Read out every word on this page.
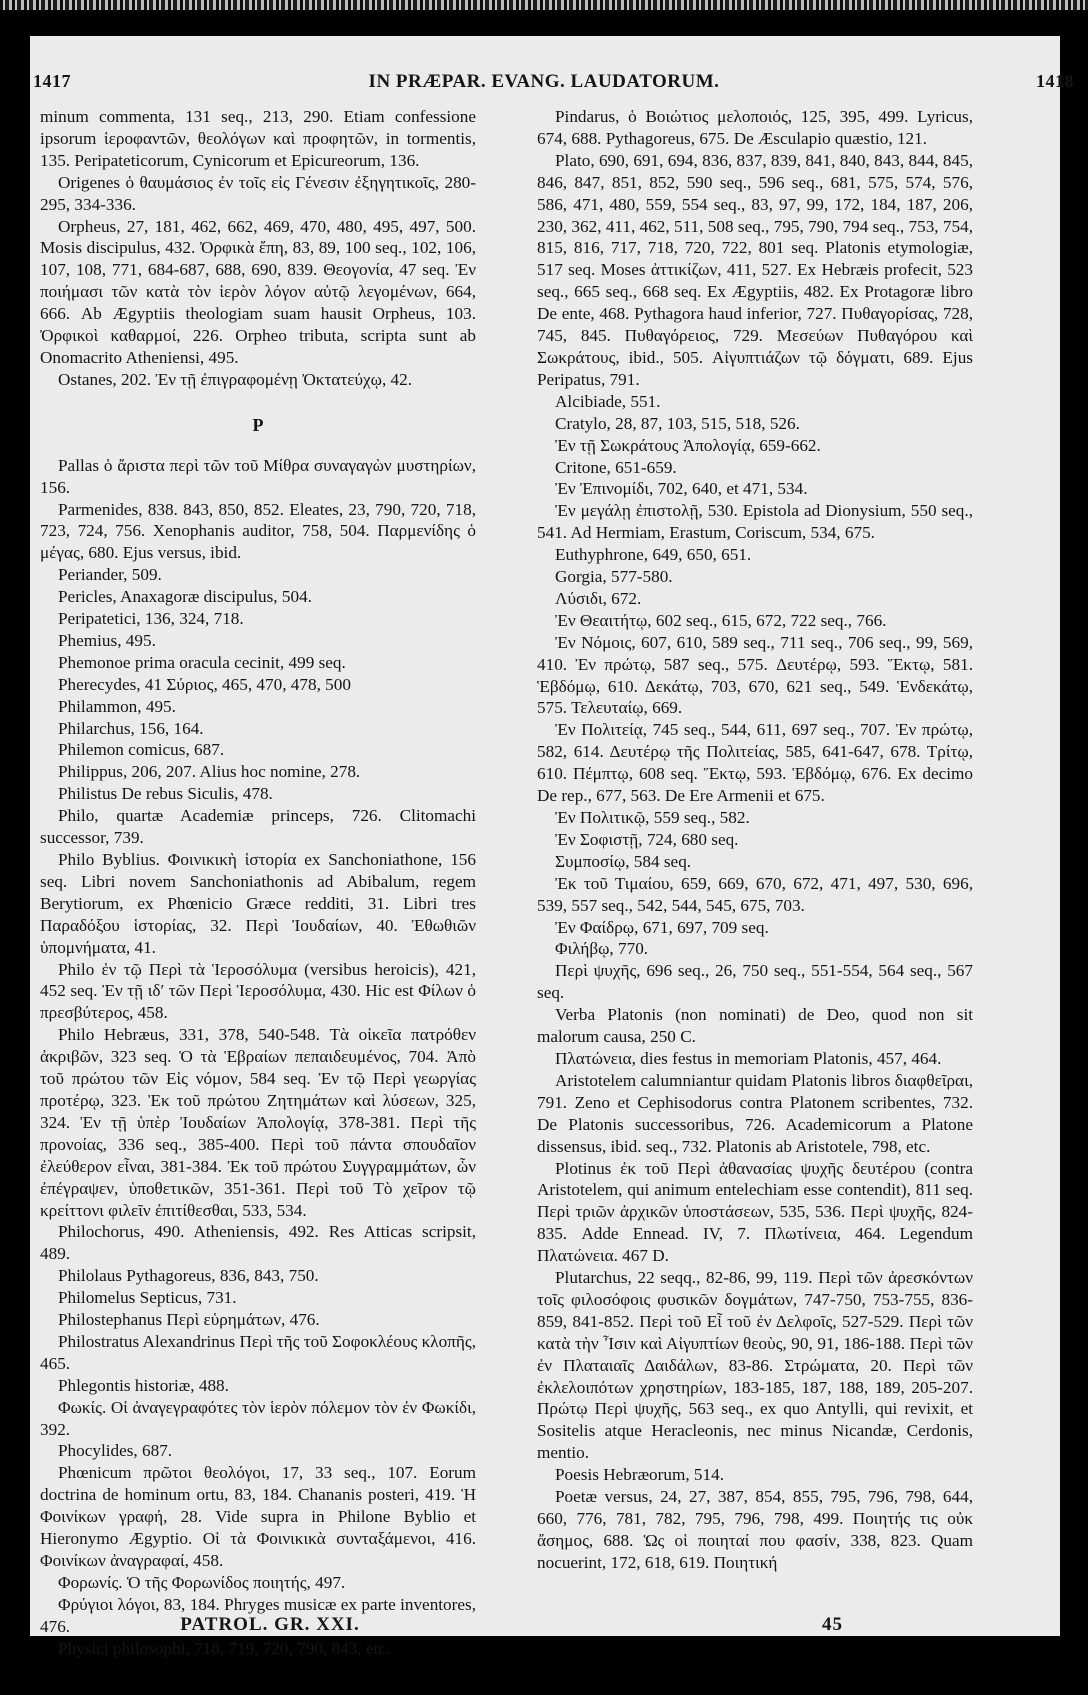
1417	IN PRÆPAR. EVANG. LAUDATORUM.	1418

minum commenta, 131 seq., 213, 290. Etiam confessione ipsorum ἱεροφαντῶν, θεολόγων καὶ προφητῶν, in tormentis, 135. Peripateticorum, Cynicorum et Epicureorum, 136.

Origenes ὁ θαυμάσιος ἐν τοῖς εἰς Γένεσιν ἐξηγητικοῖς, 280-295, 334-336.

Orpheus, 27, 181, 462, 662, 469, 470, 480, 495, 497, 500. Mosis discipulus, 432. Ὀρφικὰ ἔπη, 83, 89, 100 seq., 102, 106, 107, 108, 771, 684-687, 688, 690, 839. Θεογονία, 47 seq. Ἐν ποιήμασι τῶν κατὰ τὸν ἱερὸν λόγον αὐτῷ λεγομένων, 664, 666. Ab Ægyptiis theologiam suam hausit Orpheus, 103. Ὀρφικοὶ καθαρμοί, 226. Orpheo tributa, scripta sunt ab Onomacrito Atheniensi, 495.

Ostanes, 202. Ἐν τῇ ἐπιγραφομένῃ Ὀκτατεύχῳ, 42.

P

Pallas ὁ ἄριστα περὶ τῶν τοῦ Μίθρα συναγαγὼν μυστηρίων, 156.

Parmenides, 838. 843, 850, 852. Eleates, 23, 790, 720, 718, 723, 724, 756. Xenophanis auditor, 758, 504. Παρμενίδης ὁ μέγας, 680. Ejus versus, ibid.

Periander, 509.

Pericles, Anaxagoræ discipulus, 504.

Peripatetici, 136, 324, 718.

Phemius, 495.

Phemonoe prima oracula cecinit, 499 seq.

Pherecydes, 41 Σύριος, 465, 470, 478, 500

Philammon, 495.

Philarchus, 156, 164.

Philemon comicus, 687.

Philippus, 206, 207. Alius hoc nomine, 278.

Philistus De rebus Siculis, 478.

Philo, quartæ Academiæ princeps, 726. Clitomachi successor, 739.

Philo Byblius. Φοινικικὴ ἱστορία ex Sanchoniathone, 156 seq. Libri novem Sanchoniathonis ad Abibalum, regem Berytiorum, ex Phœnicio Græce redditi, 31. Libri tres Παραδόξου ἱστορίας, 32. Περὶ Ἰουδαίων, 40. Ἐθωθιῶν ὑπομνήματα, 41.

Philo ἐν τῷ Περὶ τὰ Ἱεροσόλυμα (versibus heroicis), 421, 452 seq. Ἐν τῇ ιδʹ τῶν Περὶ Ἱεροσόλυμα, 430. Hic est Φίλων ὁ πρεσβύτερος, 458.

Philo Hebræus, 331, 378, 540-548. Τὰ οἰκεῖα πατρόθεν ἀκριβῶν, 323 seq. Ὁ τὰ Ἑβραίων πεπαιδευμένος, 704. Ἀπὸ τοῦ πρώτου τῶν Εἰς νόμον, 584 seq. Ἐν τῷ Περὶ γεωργίας προτέρῳ, 323. Ἐκ τοῦ πρώτου Ζητημάτων καὶ λύσεων, 325, 324. Ἐν τῇ ὑπὲρ Ἰουδαίων Ἀπολογίᾳ, 378-381. Περὶ τῆς προνοίας, 336 seq., 385-400. Περὶ τοῦ πάντα σπουδαῖον ἐλεύθερον εἶναι, 381-384. Ἐκ τοῦ πρώτου Συγγραμμάτων, ὧν ἐπέγραψεν, ὑποθετικῶν, 351-361. Περὶ τοῦ Τὸ χεῖρον τῷ κρείττονι φιλεῖν ἐπιτίθεσθαι, 533, 534.

Philochorus, 490. Atheniensis, 492. Res Atticas scripsit, 489.

Philolaus Pythagoreus, 836, 843, 750.

Philomelus Septicus, 731.

Philostephanus Περὶ εὑρημάτων, 476.

Philostratus Alexandrinus Περὶ τῆς τοῦ Σοφοκλέους κλοπῆς, 465.

Phlegontis historiæ, 488.

Φωκίς. Οἱ ἀναγεγραφότες τὸν ἱερὸν πόλεμον τὸν ἐν Φωκίδι, 392.

Phocylides, 687.

Phœnicum πρῶτοι θεολόγοι, 17, 33 seq., 107. Eorum doctrina de hominum ortu, 83, 184. Chananis posteri, 419. Ἡ Φοινίκων γραφή, 28. Vide supra in Philone Byblio et Hieronymo Ægyptio. Οἱ τὰ Φοινικικὰ συνταξάμενοι, 416. Φοινίκων ἀναγραφαί, 458.

Φορωνίς. Ὁ τῆς Φορωνίδος ποιητής, 497.

Φρύγιοι λόγοι, 83, 184. Phryges musicæ ex parte inventores, 476.

Physici philosophi, 718, 719, 720, 790, 843, etc.

Pindarus, ὁ Βοιώτιος μελοποιός, 125, 395, 499. Lyricus, 674, 688. Pythagoreus, 675. De Æsculapio quæstio, 121.

Plato, 690, 691, 694, 836, 837, 839, 841, 840, 843, 844, 845, 846, 847, 851, 852, 590 seq., 596 seq., 681, 575, 574, 576, 586, 471, 480, 559, 554 seq., 83, 97, 99, 172, 184, 187, 206, 230, 362, 411, 462, 511, 508 seq., 795, 790, 794 seq., 753, 754, 815, 816, 717, 718, 720, 722, 801 seq. Platonis etymologiæ, 517 seq. Moses ἀττικίζων, 411, 527. Ex Hebræis profecit, 523 seq., 665 seq., 668 seq. Ex Ægyptiis, 482. Ex Protagoræ libro De ente, 468. Pythagora haud inferior, 727. Πυθαγορίσας, 728, 745, 845. Πυθαγόρειος, 729. Μεσεύων Πυθαγόρου καὶ Σωκράτους, ibid., 505. Αἰγυπτιάζων τῷ δόγματι, 689. Ejus Peripatus, 791.

Alcibiade, 551.

Cratylo, 28, 87, 103, 515, 518, 526.

Ἐν τῇ Σωκράτους Ἀπολογίᾳ, 659-662.

Critone, 651-659.

Ἐν Ἐπινομίδι, 702, 640, et 471, 534.

Ἐν μεγάλῃ ἐπιστολῇ, 530. Epistola ad Dionysium, 550 seq., 541. Ad Hermiam, Erastum, Coriscum, 534, 675.

Euthyphrone, 649, 650, 651.

Gorgia, 577-580.

Λύσιδι, 672.

Ἐν Θεαιτήτῳ, 602 seq., 615, 672, 722 seq., 766.

Ἐν Νόμοις, 607, 610, 589 seq., 711 seq., 706 seq., 99, 569, 410. Ἐν πρώτῳ, 587 seq., 575. Δευτέρῳ, 593. Ἕκτῳ, 581. Ἑβδόμῳ, 610. Δεκάτῳ, 703, 670, 621 seq., 549. Ἑνδεκάτῳ, 575. Τελευταίῳ, 669.

Ἐν Πολιτείᾳ, 745 seq., 544, 611, 697 seq., 707. Ἐν πρώτῳ, 582, 614. Δευτέρῳ τῆς Πολιτείας, 585, 641-647, 678. Τρίτῳ, 610. Πέμπτῳ, 608 seq. Ἕκτῳ, 593. Ἑβδόμῳ, 676. Ex decimo De rep., 677, 563. De Ere Armenii et 675.

Ἐν Πολιτικῷ, 559 seq., 582.

Ἐν Σοφιστῇ, 724, 680 seq.

Συμποσίῳ, 584 seq.

Ἐκ τοῦ Τιμαίου, 659, 669, 670, 672, 471, 497, 530, 696, 539, 557 seq., 542, 544, 545, 675, 703.

Ἐν Φαίδρῳ, 671, 697, 709 seq.

Φιλήβῳ, 770.

Περὶ ψυχῆς, 696 seq., 26, 750 seq., 551-554, 564 seq., 567 seq.

Verba Platonis (non nominati) de Deo, quod non sit malorum causa, 250 C.

Πλατώνεια, dies festus in memoriam Platonis, 457, 464.

Aristotelem calumniantur quidam Platonis libros διαφθεῖραι, 791. Zeno et Cephisodorus contra Platonem scribentes, 732. De Platonis successoribus, 726. Academicorum a Platone dissensus, ibid. seq., 732. Platonis ab Aristotele, 798, etc.

Plotinus ἐκ τοῦ Περὶ ἀθανασίας ψυχῆς δευτέρου (contra Aristotelem, qui animum entelechiam esse contendit), 811 seq. Περὶ τριῶν ἀρχικῶν ὑποστάσεων, 535, 536. Περὶ ψυχῆς, 824-835. Adde Ennead. IV, 7. Πλωτίνεια, 464. Legendum Πλατώνεια. 467 D.

Plutarchus, 22 seqq., 82-86, 99, 119. Περὶ τῶν ἀρεσκόντων τοῖς φιλοσόφοις φυσικῶν δογμάτων, 747-750, 753-755, 836-859, 841-852. Περὶ τοῦ Εἶ τοῦ ἐν Δελφοῖς, 527-529. Περὶ τῶν κατὰ τὴν Ἶσιν καὶ Αἰγυπτίων θεοὺς, 90, 91, 186-188. Περὶ τῶν ἐν Πλαταιαῖς Δαιδάλων, 83-86. Στρώματα, 20. Περὶ τῶν ἐκλελοιπότων χρηστηρίων, 183-185, 187, 188, 189, 205-207. Πρώτῳ Περὶ ψυχῆς, 563 seq., ex quo Antylli, qui revixit, et Sositelis atque Heracleonis, nec minus Nicandæ, Cerdonis, mentio.

Poesis Hebræorum, 514.

Poetæ versus, 24, 27, 387, 854, 855, 795, 796, 798, 644, 660, 776, 781, 782, 795, 796, 798, 499. Ποιητής τις οὐκ ἄσημος, 688. Ὡς οἱ ποιηταί που φασίν, 338, 823. Quam nocuerint, 172, 618, 619. Ποιητική

PATROL. GR. XXI.	45
